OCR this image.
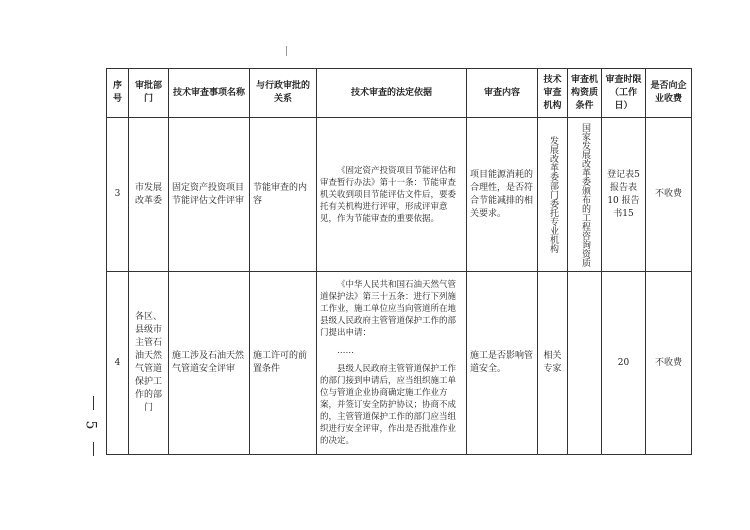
5
序号	审批部门	技术审查事项名称	与行政审批的关系	技术审查的法定依据	审查内容	技术审查机构	审查机构资质条件	审查时限（工作日）	是否向企业收费
3	市发展改革委	固定资产投资项目节能评估文件评审	节能审查的内容	《固定资产投资项目节能评估和审查暂行办法》第十一条：节能审查机关收到项目节能评估文件后，要委托有关机构进行评审，形成评审意见，作为节能审查的重要依据。	项目能源消耗的合理性，是否符合节能减排的相关要求。	发展改革委部门委托专业机构	国家发展改革委颁布的工程咨询资质	登记表5 报告表10 报告书15	不收费
4	各区、县级市主管石油天然气管道保护工作的部门	施工涉及石油天然气管道安全评审	施工许可的前置条件	《中华人民共和国石油天然气管道保护法》第三十五条：进行下列施工作业，施工单位应当向管道所在地县级人民政府主管管道保护工作的部门提出申请：

……

县级人民政府主管管道保护工作的部门接到申请后，应当组织施工单位与管道企业协商确定施工作业方案，并签订安全防护协议；协商不成的，主管管道保护工作的部门应当组织进行安全评审，作出是否批准作业的决定。	施工是否影响管道安全。	相关专家		20	不收费
